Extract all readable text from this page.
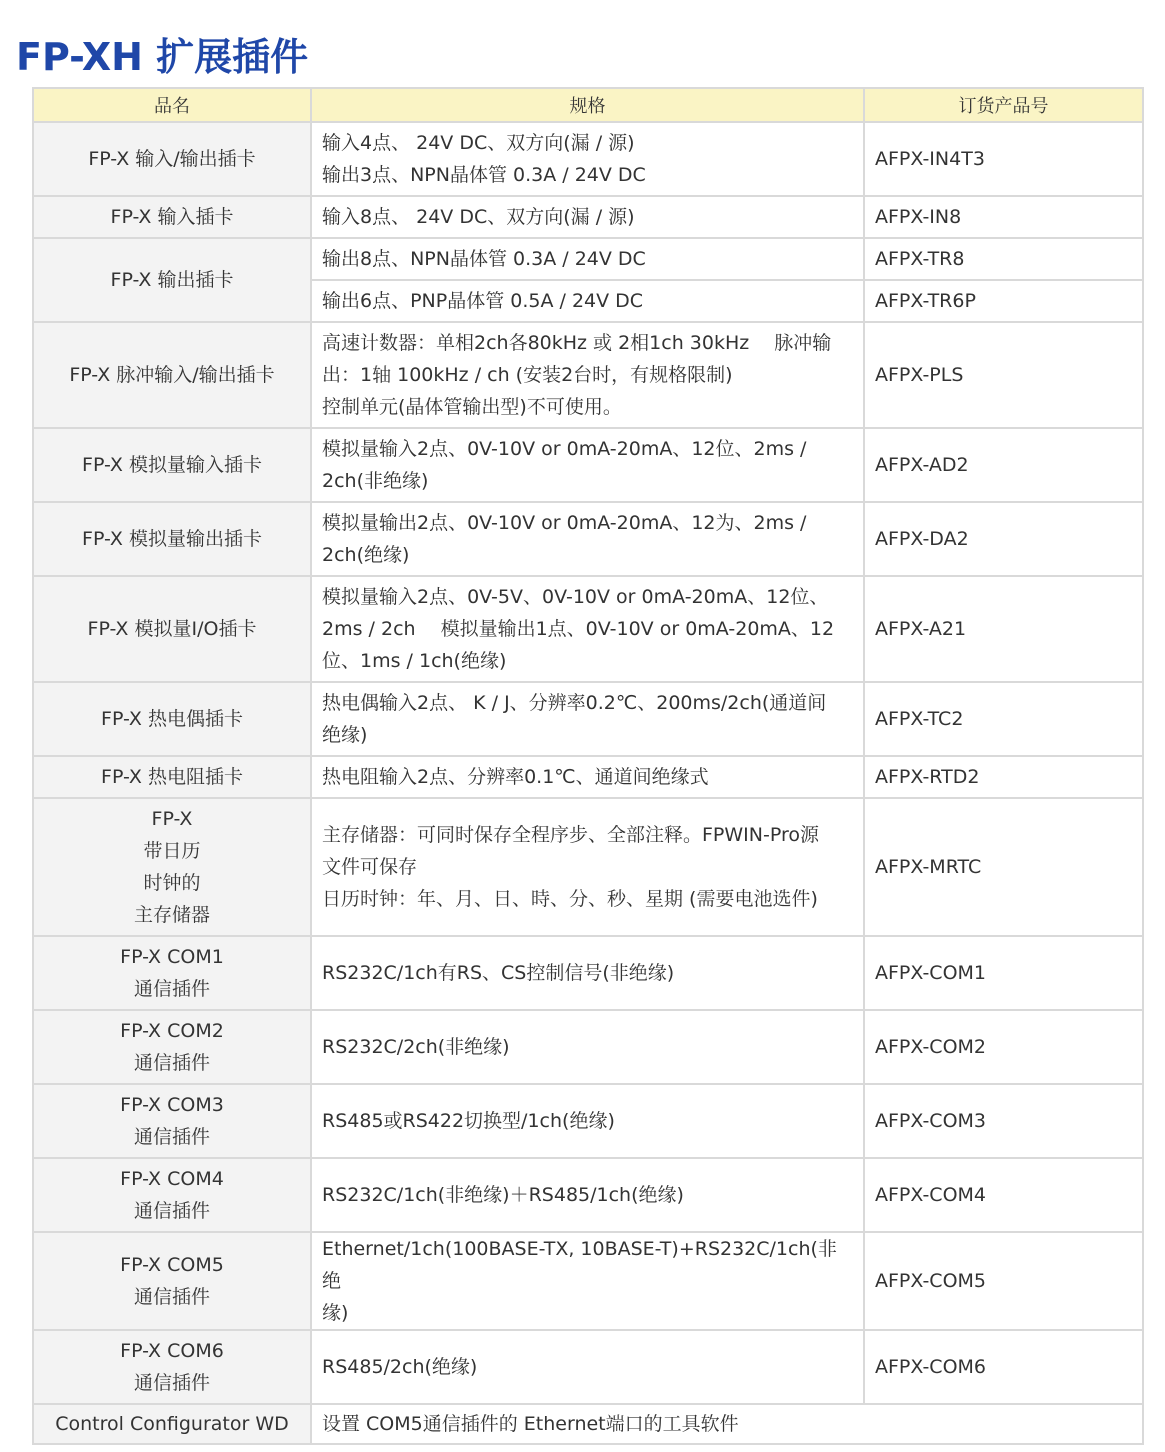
FP-XH 扩展插件
品名	规格	订货产品号
FP-X 输入/输出插卡	输入4点、 24V DC、双方向(漏 / 源)
输出3点、NPN晶体管 0.3A / 24V DC	AFPX-IN4T3
FP-X 输入插卡	输入8点、 24V DC、双方向(漏 / 源)	AFPX-IN8
FP-X 输出插卡	输出8点、NPN晶体管 0.3A / 24V DC	AFPX-TR8
	输出6点、PNP晶体管 0.5A / 24V DC	AFPX-TR6P
FP-X 脉冲输入/输出插卡	高速计数器：单相2ch各80kHz 或 2相1ch 30kHz　 脉冲输
出：1轴 100kHz / ch (安装2台时，有规格限制)
控制单元(晶体管输出型)不可使用。	AFPX-PLS
FP-X 模拟量输入插卡	模拟量输入2点、0V-10V or 0mA-20mA、12位、2ms /
2ch(非绝缘)	AFPX-AD2
FP-X 模拟量输出插卡	模拟量输出2点、0V-10V or 0mA-20mA、12为、2ms /
2ch(绝缘)	AFPX-DA2
FP-X 模拟量I/O插卡	模拟量输入2点、0V-5V、0V-10V or 0mA-20mA、12位、
2ms / 2ch　 模拟量输出1点、0V-10V or 0mA-20mA、12
位、1ms / 1ch(绝缘)	AFPX-A21
FP-X 热电偶插卡	热电偶输入2点、 K / J、分辨率0.2℃、200ms/2ch(通道间
绝缘)	AFPX-TC2
FP-X 热电阻插卡	热电阻输入2点、分辨率0.1℃、通道间绝缘式	AFPX-RTD2
FP-X
带日历
时钟的
主存储器	主存储器：可同时保存全程序步、全部注释。FPWIN-Pro源
文件可保存
日历时钟：年、月、日、時、分、秒、星期 (需要电池选件)	AFPX-MRTC
FP-X COM1
通信插件	RS232C/1ch有RS、CS控制信号(非绝缘)	AFPX-COM1
FP-X COM2
通信插件	RS232C/2ch(非绝缘)	AFPX-COM2
FP-X COM3
通信插件	RS485或RS422切换型/1ch(绝缘)	AFPX-COM3
FP-X COM4
通信插件	RS232C/1ch(非绝缘)＋RS485/1ch(绝缘)	AFPX-COM4
FP-X COM5
通信插件	Ethernet/1ch(100BASE-TX, 10BASE-T)+RS232C/1ch(非绝
缘)	AFPX-COM5
FP-X COM6
通信插件	RS485/2ch(绝缘)	AFPX-COM6
Control Configurator WD	设置 COM5通信插件的 Ethernet端口的工具软件	
